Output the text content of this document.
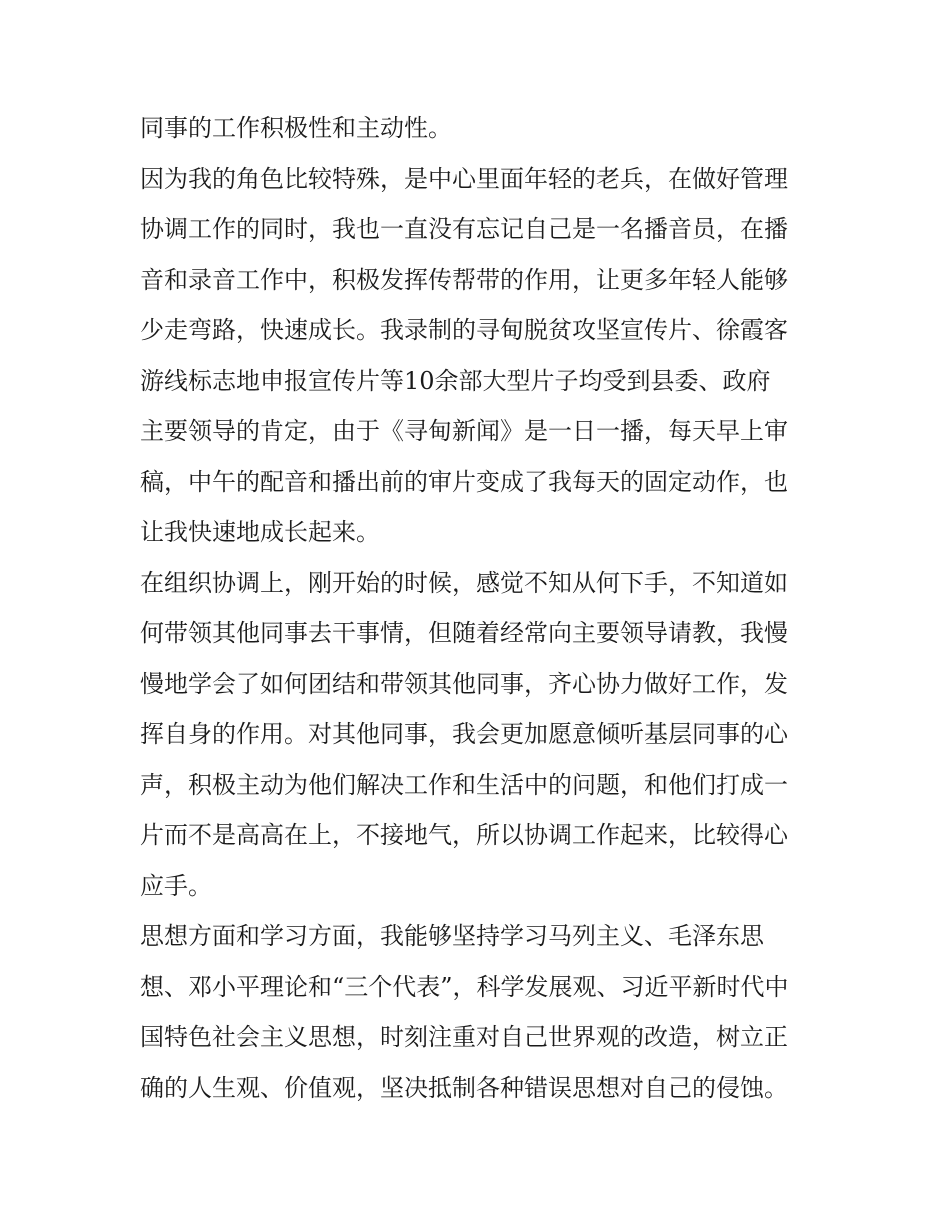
同事的工作积极性和主动性。
因为我的角色比较特殊，是中心里面年轻的老兵，在做好管理
协调工作的同时，我也一直没有忘记自己是一名播音员，在播
音和录音工作中，积极发挥传帮带的作用，让更多年轻人能够
少走弯路，快速成长。我录制的寻甸脱贫攻坚宣传片、徐霞客
游线标志地申报宣传片等10余部大型片子均受到县委、政府
主要领导的肯定，由于《寻甸新闻》是一日一播，每天早上审
稿，中午的配音和播出前的审片变成了我每天的固定动作，也
让我快速地成长起来。
在组织协调上，刚开始的时候，感觉不知从何下手，不知道如
何带领其他同事去干事情，但随着经常向主要领导请教，我慢
慢地学会了如何团结和带领其他同事，齐心协力做好工作，发
挥自身的作用。对其他同事，我会更加愿意倾听基层同事的心
声，积极主动为他们解决工作和生活中的问题，和他们打成一
片而不是高高在上，不接地气，所以协调工作起来，比较得心
应手。
思想方面和学习方面，我能够坚持学习马列主义、毛泽东思
想、邓小平理论和“三个代表”，科学发展观、习近平新时代中
国特色社会主义思想，时刻注重对自己世界观的改造，树立正
确的人生观、价值观，坚决抵制各种错误思想对自己的侵蚀。
